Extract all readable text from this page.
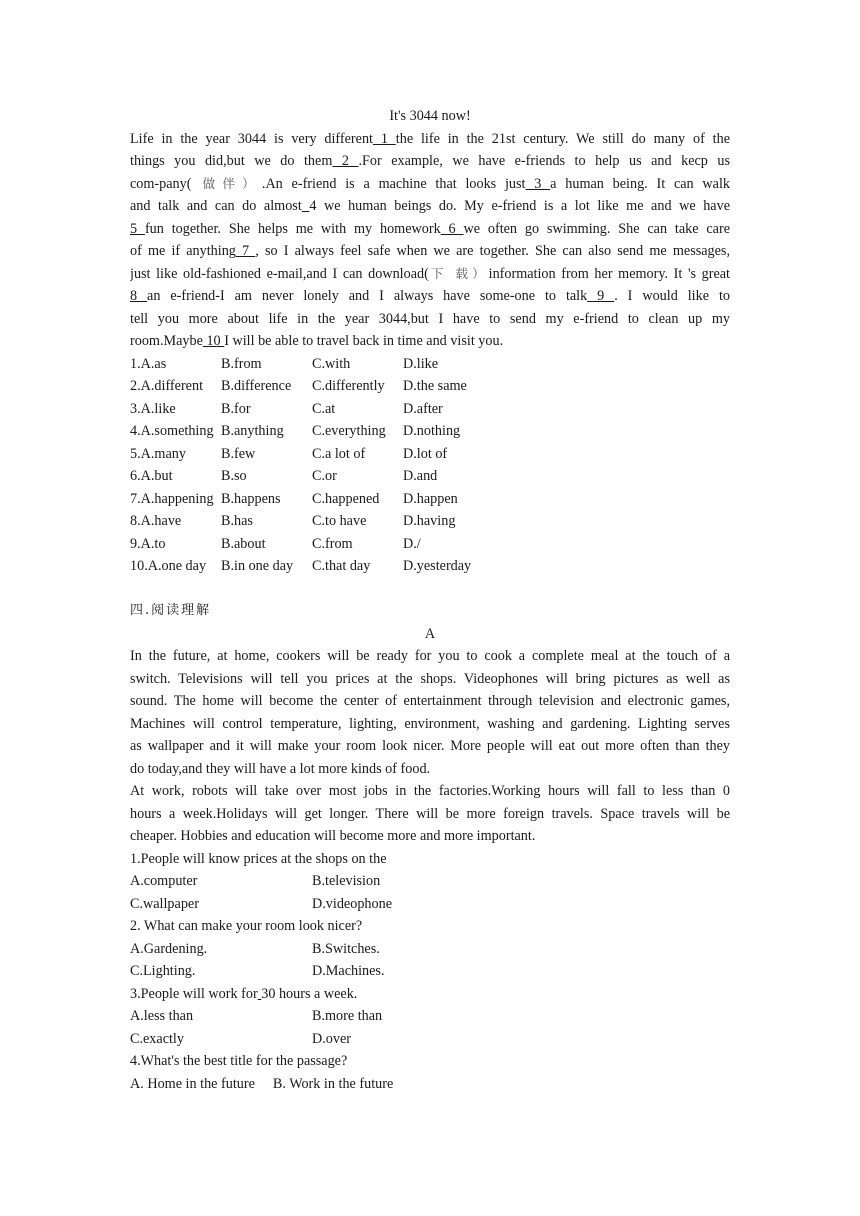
It's 3044 now!
Life in the year 3044 is very different 1 the life in the 21st century. We still do many of the
things you did,but we do them 2 .For example, we have e-friends to help us and kecp us
com-pany( 做伴）.An e-friend is a machine that looks just 3 a human being. It can walk
and talk and can do almost 4 we human beings do. My e-friend is a lot like me and we have
5 fun together. She helps me with my homework 6 we often go swimming. She can take care
of me if anything 7 , so I always feel safe when we are together. She can also send me messages,
just like old-fashioned e-mail,and I can download(下 载）information from her memory. It 's great
8 an e-friend-I am never lonely and I always have some-one to talk 9 . I would like to
tell you more about life in the year 3044,but I have to send my e-friend to clean up my
room.Maybe 10 I will be able to travel back in time and visit you.
1.A.as	B.from	C.with	D.like
2.A.different	B.difference	C.differently	D.the same
3.A.like	B.for	C.at	D.after
4.A.something B.anything	C.everything	D.nothing
5.A.many	B.few	C.a lot of	D.lot of
6.A.but	B.so	C.or	D.and
7.A.happening B.happens	C.happened	D.happen
8.A.have	B.has	C.to have	D.having
9.A.to	B.about	C.from	D./
10.A.one day	B.in one day	C.that day	D.yesterday
四.阅读理解
A
In the future, at home, cookers will be ready for you to cook a complete meal at the touch of a
switch. Televisions will tell you prices at the shops. Videophones will bring pictures as well as
sound. The home will become the center of entertainment through television and electronic games,
Machines will control temperature, lighting, environment, washing and gardening. Lighting serves
as wallpaper and it will make your room look nicer. More people will eat out more often than they
do today,and they will have a lot more kinds of food.
At work, robots will take over most jobs in the factories.Working hours will fall to less than 0
hours a week.Holidays will get longer. There will be more foreign travels. Space travels will be
cheaper. Hobbies and education will become more and more important.
1.People will know prices at the shops on the
A.computer	B.television
C.wallpaper	D.videophone
2. What can make your room look nicer?
A.Gardening.	B.Switches.
C.Lighting.	D.Machines.
3.People will work for 30 hours a week.
A.less than	B.more than
C.exactly	D.over
4.What's the best title for the passage?
A. Home in the future B. Work in the future
